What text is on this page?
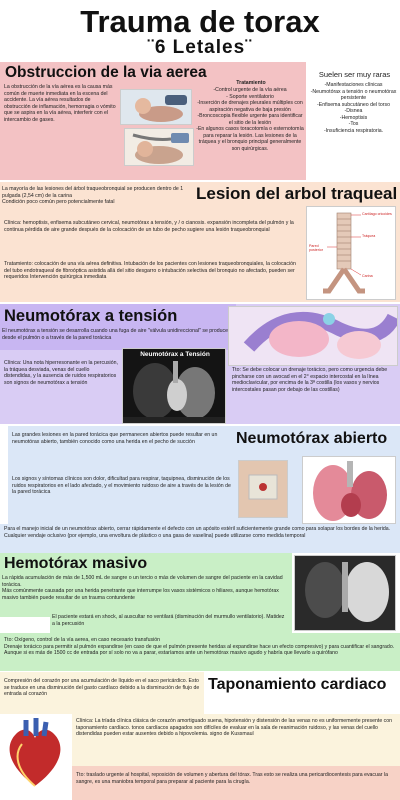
Trauma de torax
¨6 Letales¨
Obstruccion de la via aerea
La obstrucción de la vía aérea es la causa más común de muerte inmediata en la escena del accidente. La vía aérea resultados de obstrucción de inflamación, hemorragia o vómito que se aspira en la vía aérea, interferir con el intercambio de gases.
Tratamiento
-Control urgente de la vía aérea
- Soporte ventilatorio
-Inserción de drenajes pleurales múltiples con aspiración negativa de baja presión
-Broncoscopia flexible urgente para identificar el sitio de la lesión
-En algunos casos toracotomía o esternotomía para reparar la lesión. Las lesiones de la tráquea y el bronquio principal generalmente son quirúrgicas.
Suelen ser muy raras
-Manifestaciones clínicas
-Neumotórax a tensión o neumotórax persistente
-Enfisema subcutáneo del torso
-Disnea
-Hemoptisis
-Tos
-Insuficiencia respiratoria.
La mayoría de las lesiones del árbol traqueobronquial se producen dentro de 1 pulgada (2,54 cm) de la carina
Condición poco común pero potencialmente fatal	Lesion del arbol traqueal
Clínica: hemoptisis, enfisema subcutáneo cervical, neumotórax a tensión, y / o cianosis. expansión incompleta del pulmón y la continua pérdida de aire grande después de la colocación de un tubo de pecho sugiere una lesión traqueobronquial
Tratamiento: colocación de una vía aérea definitiva. Intubación de los pacientes con lesiones traqueobronquiales, la colocación del tubo endotraqueal de fibroóptica asistida allá del sitio desgarro o intubación selectiva del bronquio no afectado, pueden ser requeridos Intervención quirúrgica inmediata
Cartílago cricoides
Tráquea
Pared posterior
Carina
Neumotórax a tensión
El neumotórax a tensión se desarrolla cuando una fuga de aire "válvula unidireccional" se produce desde el pulmón o a través de la pared torácica
Clínica: Una nota hiperresonante en la percusión, la tráquea desviada, venas del cuello distendidas, y la ausencia de ruidos respiratorios son signos de neumotórax a tensión
Neumotórax a Tensión
Tto: Se debe colocar un drenaje torácico, pero como urgencia debe pincharse con un avocad en el 2° espacio intercostal en la línea medioclavicular, por encima de la 3ª costilla (los vasos y nervios intercostales pasan por debajo de las costillas)
Las grandes lesiones en la pared torácica que permanecen abiertos puede resultar en un neumotórax abierto, también conocido como una herida en el pecho de succión	Neumotórax abierto
Los signos y síntomas clínicos son dolor, dificultad para respirar, taquipnea, disminución de los ruidos respiratorios en el lado afectado, y el movimiento ruidoso de aire a través de la lesión de la pared torácica
Para el manejo inicial de un neumotórax abierto, cerrar rápidamente el defecto con un apósito estéril suficientemente grande como para solapar los bordes de la herida. Cualquier vendaje oclusivo (por ejemplo, una envoltura de plástico o una gasa de vaselina) puede utilizarse como medida temporal
Hemotórax masivo
La rápida acumulación de más de 1,500 mL de sangre o un tercio o más de volumen de sangre del paciente en la cavidad torácica.
Más comúnmente causada por una herida penetrante que interrumpe los vasos sistémicos o hiliares, aunque hemotórax masivo también puede resultar de un trauma contundente
El paciente estará en shock, al auscultar no ventilará (disminución del murmullo ventilatorio). Matidez a la percusión
Tto: Oxígeno, control de la vía aerea, en caso necesario transfusión
Drenaje torácico para permitir al pulmón expandirse (en caso de que el pulmón presente heridas al expandirse hace un efecto compresivo) y para cuantificar el sangrado. Aunque si es más de 1500 cc de entrada por sí solo no va a parar, estaríamos ante un hemotórax masivo agudo y habría que llevarlo a quirófano
Compresión del corazón por una acumulación de líquido en el saco pericárdico. Esto se traduce en una disminución del gasto cardíaco debido a la disminución de flujo de entrada al corazón
Taponamiento cardiaco
Clínica: La tríada clínica clásica de corazón amortiguado suena, hipotensión y distensión de las venas no es uniformemente presente con taponamiento cardíaco. tonos cardíacos apagados son difíciles de evaluar en la sala de reanimación ruidoso, y las venas del cuello distendidas pueden estar ausentes debido a hipovolemia. signo de Kussmaul
Tto: traslado urgente al hospital, reposición de volumen y abertura del tórax. Tras esto se realiza una pericardiocentesis para evacuar la sangre, es una maniobra temporal para preparar al paciente para la cirugía.
